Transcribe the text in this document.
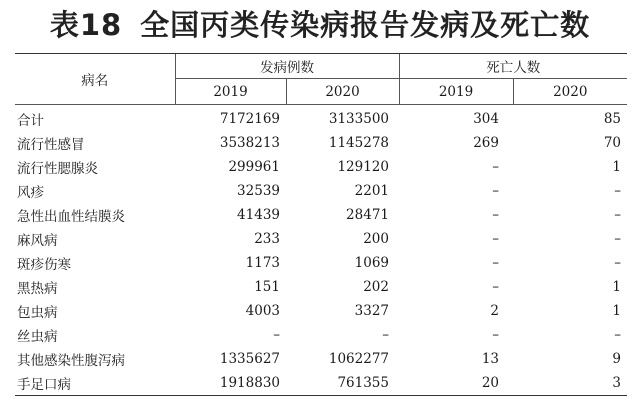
表18 全国丙类传染病报告发病及死亡数
病名	发病例数		死亡人数	
	2019	2020	2019	2020
合计	7172169	3133500	304	85
流行性感冒	3538213	1145278	269	70
流行性腮腺炎	299961	129120	–	1
风疹	32539	2201	–	–
急性出血性结膜炎	41439	28471	–	–
麻风病	233	200	–	–
斑疹伤寒	1173	1069	–	–
黑热病	151	202	–	1
包虫病	4003	3327	2	1
丝虫病	–	–	–	–
其他感染性腹泻病	1335627	1062277	13	9
手足口病	1918830	761355	20	3
